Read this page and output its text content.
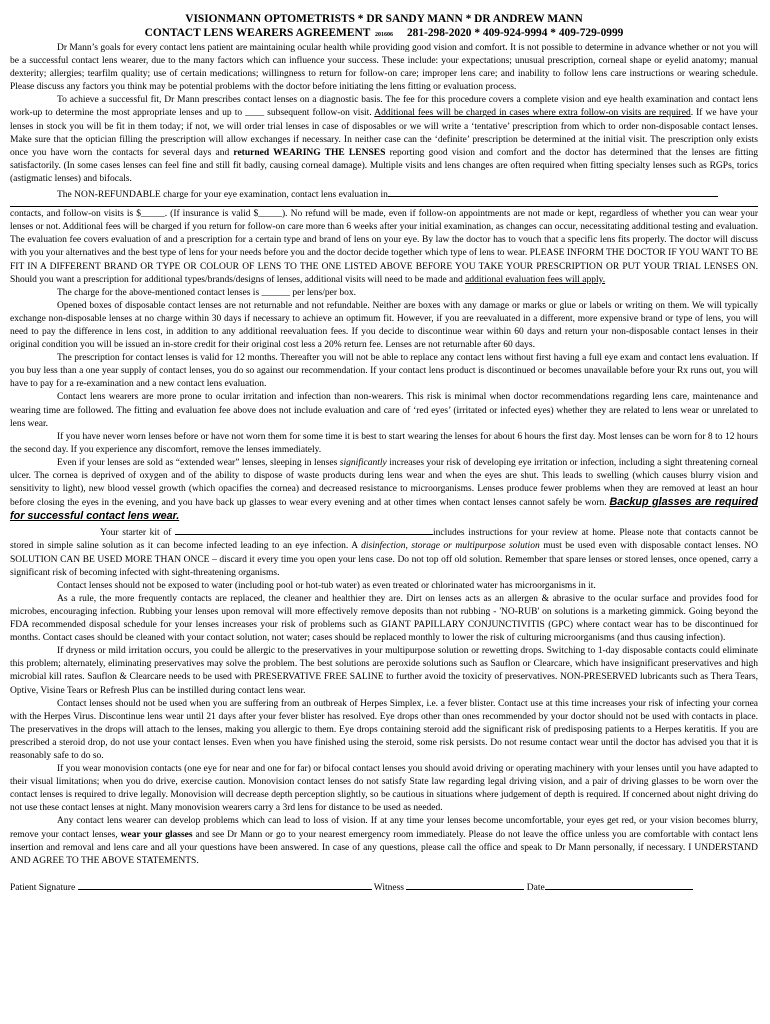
VISIONMANN OPTOMETRISTS * DR SANDY MANN * DR ANDREW MANN

CONTACT LENS WEARERS AGREEMENT 201606 281-298-2020 * 409-924-9994 * 409-729-0999

Dr Mann’s goals for every contact lens patient are maintaining ocular health while providing good vision and comfort. It is not possible to determine in advance whether or not you will be a successful contact lens wearer, due to the many factors which can influence your success. These include: your expectations; unusual prescription, corneal shape or eyelid anatomy; manual dexterity; allergies; tearfilm quality; use of certain medications; willingness to return for follow-on care; improper lens care; and inability to follow lens care instructions or wearing schedule. Please discuss any factors you think may be potential problems with the doctor before initiating the lens fitting or evaluation process.

To achieve a successful fit, Dr Mann prescribes contact lenses on a diagnostic basis. The fee for this procedure covers a complete vision and eye health examination and contact lens work-up to determine the most appropriate lenses and up to ____ subsequent follow-on visit. Additional fees will be charged in cases where extra follow-on visits are required. If we have your lenses in stock you will be fit in them today; if not, we will order trial lenses in case of disposables or we will write a ‘tentative’ prescription from which to order non-disposable contact lenses. Make sure that the optician filling the prescription will allow exchanges if necessary. In neither case can the ‘definite’ prescription be determined at the initial visit. The prescription only exists once you have worn the contacts for several days and returned WEARING THE LENSES reporting good vision and comfort and the doctor has determined that the lenses are fitting satisfactorily. (In some cases lenses can feel fine and still fit badly, causing corneal damage). Multiple visits and lens changes are often required when fitting specialty lenses such as RGPs, torics (astigmatic lenses) and bifocals.

The NON-REFUNDABLE charge for your eye examination, contact lens evaluation in
contacts, and follow-on visits is $_____. (If insurance is valid $_____). No refund will be made, even if follow-on appointments are not made or kept, regardless of whether you can wear your lenses or not. Additional fees will be charged if you return for follow-on care more than 6 weeks after your initial examination, as changes can occur, necessitating additional testing and evaluation. The evaluation fee covers evaluation of and a prescription for a certain type and brand of lens on your eye. By law the doctor has to vouch that a specific lens fits properly. The doctor will discuss with you your alternatives and the best type of lens for your needs before you and the doctor decide together which type of lens to wear. PLEASE INFORM THE DOCTOR IF YOU WANT TO BE FIT IN A DIFFERENT BRAND OR TYPE OR COLOUR OF LENS TO THE ONE LISTED ABOVE BEFORE YOU TAKE YOUR PRESCRIPTION OR PUT YOUR TRIAL LENSES ON. Should you want a prescription for additional types/brands/designs of lenses, additional visits will need to be made and additional evaluation fees will apply.

The charge for the above-mentioned contact lenses is ______ per lens/per box.

Opened boxes of disposable contact lenses are not returnable and not refundable. Neither are boxes with any damage or marks or glue or labels or writing on them. We will typically exchange non-disposable lenses at no charge within 30 days if necessary to achieve an optimum fit. However, if you are reevaluated in a different, more expensive brand or type of lens, you will need to pay the difference in lens cost, in addition to any additional reevaluation fees. If you decide to discontinue wear within 60 days and return your non-disposable contact lenses in their original condition you will be issued an in-store credit for their original cost less a 20% return fee. Lenses are not returnable after 60 days.

The prescription for contact lenses is valid for 12 months. Thereafter you will not be able to replace any contact lens without first having a full eye exam and contact lens evaluation. If you buy less than a one year supply of contact lenses, you do so against our recommendation. If your contact lens product is discontinued or becomes unavailable before your Rx runs out, you will have to pay for a re-examination and a new contact lens evaluation.

Contact lens wearers are more prone to ocular irritation and infection than non-wearers. This risk is minimal when doctor recommendations regarding lens care, maintenance and wearing time are followed. The fitting and evaluation fee above does not include evaluation and care of ‘red eyes’ (irritated or infected eyes) whether they are related to lens wear or unrelated to lens wear.

If you have never worn lenses before or have not worn them for some time it is best to start wearing the lenses for about 6 hours the first day. Most lenses can be worn for 8 to 12 hours the second day. If you experience any discomfort, remove the lenses immediately.

Even if your lenses are sold as “extended wear” lenses, sleeping in lenses significantly increases your risk of developing eye irritation or infection, including a sight threatening corneal ulcer. The cornea is deprived of oxygen and of the ability to dispose of waste products during lens wear and when the eyes are shut. This leads to swelling (which causes blurry vision and sensitivity to light), new blood vessel growth (which opacifies the cornea) and decreased resistance to microorganisms. Lenses produce fewer problems when they are removed at least an hour before closing the eyes in the evening, and you have back up glasses to wear every evening and at other times when contact lenses cannot safely be worn. Backup glasses are required for successful contact lens wear.

Your starter kit of	includes instructions for your review at home. Please note that contacts cannot be stored in simple saline solution as it can become infected leading to an eye infection. A disinfection, storage or multipurpose solution must be used even with disposable contact lenses. NO SOLUTION CAN BE USED MORE THAN ONCE – discard it every time you open your lens case. Do not top off old solution. Remember that spare lenses or stored lenses, once opened, carry a significant risk of becoming infected with sight-threatening organisms.

Contact lenses should not be exposed to water (including pool or hot-tub water) as even treated or chlorinated water has microorganisms in it.

As a rule, the more frequently contacts are replaced, the cleaner and healthier they are. Dirt on lenses acts as an allergen & abrasive to the ocular surface and provides food for microbes, encouraging infection. Rubbing your lenses upon removal will more effectively remove deposits than not rubbing - 'NO-RUB' on solutions is a marketing gimmick. Going beyond the FDA recommended disposal schedule for your lenses increases your risk of problems such as GIANT PAPILLARY CONJUNCTIVITIS (GPC) where contact wear has to be discontinued for months. Contact cases should be cleaned with your contact solution, not water; cases should be replaced monthly to lower the risk of culturing microorganisms (and thus causing infection).

If dryness or mild irritation occurs, you could be allergic to the preservatives in your multipurpose solution or rewetting drops. Switching to 1-day disposable contacts could eliminate this problem; alternately, eliminating preservatives may solve the problem. The best solutions are peroxide solutions such as Sauflon or Clearcare, which have insignificant preservatives and high microbial kill rates. Sauflon & Clearcare needs to be used with PRESERVATIVE FREE SALINE to further avoid the toxicity of preservatives. NON-PRESERVED lubricants such as Thera Tears, Optive, Visine Tears or Refresh Plus can be instilled during contact lens wear.

Contact lenses should not be used when you are suffering from an outbreak of Herpes Simplex, i.e. a fever blister. Contact use at this time increases your risk of infecting your cornea with the Herpes Virus. Discontinue lens wear until 21 days after your fever blister has resolved. Eye drops other than ones recommended by your doctor should not be used with contacts in place. The preservatives in the drops will attach to the lenses, making you allergic to them. Eye drops containing steroid add the significant risk of predisposing patients to a Herpes keratitis. If you are prescribed a steroid drop, do not use your contact lenses. Even when you have finished using the steroid, some risk persists. Do not resume contact wear until the doctor has advised you that it is reasonably safe to do so.

If you wear monovision contacts (one eye for near and one for far) or bifocal contact lenses you should avoid driving or operating machinery with your lenses until you have adapted to their visual limitations; when you do drive, exercise caution. Monovision contact lenses do not satisfy State law regarding legal driving vision, and a pair of driving glasses to be worn over the contact lenses is required to drive legally. Monovision will decrease depth perception slightly, so be cautious in situations where judgement of depth is required. If concerned about night driving do not use these contact lenses at night. Many monovision wearers carry a 3rd lens for distance to be used as needed.

Any contact lens wearer can develop problems which can lead to loss of vision. If at any time your lenses become uncomfortable, your eyes get red, or your vision becomes blurry, remove your contact lenses, wear your glasses and see Dr Mann or go to your nearest emergency room immediately. Please do not leave the office unless you are comfortable with contact lens insertion and removal and lens care and all your questions have been answered. In case of any questions, please call the office and speak to Dr Mann personally, if necessary. I UNDERSTAND AND AGREE TO THE ABOVE STATEMENTS.

Patient Signature	Witness	Date
